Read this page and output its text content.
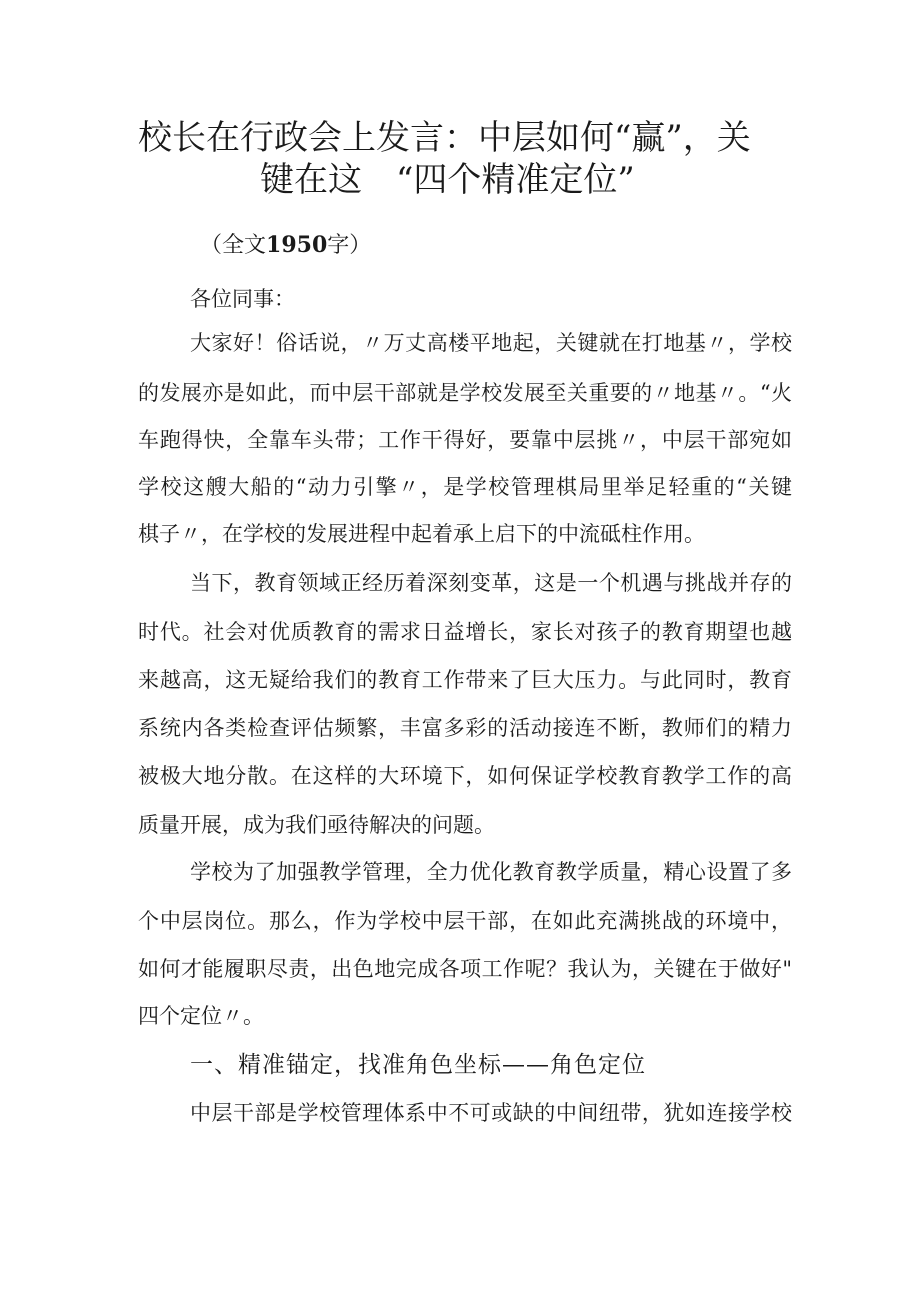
校长在行政会上发言：中层如何“赢”，关
键在这　“四个精准定位”
（全文1950字）
各位同事：
大家好！俗话说，〃万丈高楼平地起，关键就在打地基〃，学校
的发展亦是如此，而中层干部就是学校发展至关重要的〃地基〃。“火
车跑得快，全靠车头带；工作干得好，要靠中层挑〃，中层干部宛如
学校这艘大船的“动力引擎〃，是学校管理棋局里举足轻重的“关键
棋子〃，在学校的发展进程中起着承上启下的中流砥柱作用。
当下，教育领域正经历着深刻变革，这是一个机遇与挑战并存的
时代。社会对优质教育的需求日益增长，家长对孩子的教育期望也越
来越高，这无疑给我们的教育工作带来了巨大压力。与此同时，教育
系统内各类检查评估频繁，丰富多彩的活动接连不断，教师们的精力
被极大地分散。在这样的大环境下，如何保证学校教育教学工作的高
质量开展，成为我们亟待解决的问题。
学校为了加强教学管理，全力优化教育教学质量，精心设置了多
个中层岗位。那么，作为学校中层干部，在如此充满挑战的环境中，
如何才能履职尽责，出色地完成各项工作呢？我认为，关键在于做好"
四个定位〃。
一、精准锚定，找准角色坐标——角色定位
中层干部是学校管理体系中不可或缺的中间纽带，犹如连接学校
